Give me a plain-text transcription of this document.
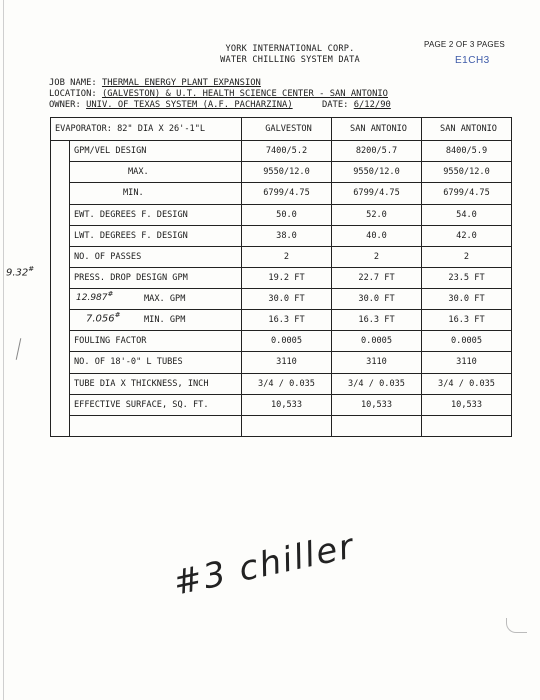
YORK INTERNATIONAL CORP.
WATER CHILLING SYSTEM DATA
PAGE 2 OF 3 PAGES
E1CH3
JOB NAME: THERMAL ENERGY PLANT EXPANSION
LOCATION: (GALVESTON) & U.T. HEALTH SCIENCE CENTER - SAN ANTONIO
OWNER: UNIV. OF TEXAS SYSTEM (A.F. PACHARZINA)	DATE: 6/12/90
EVAPORATOR: 82" DIA X 26'-1"L		GALVESTON	SAN ANTONIO	SAN ANTONIO
	GPM/VEL DESIGN	7400/5.2	8200/5.7	8400/5.9
	MAX.	9550/12.0	9550/12.0	9550/12.0
	MIN.	6799/4.75	6799/4.75	6799/4.75
	EWT. DEGREES F. DESIGN	50.0	52.0	54.0
	LWT. DEGREES F. DESIGN	38.0	40.0	42.0
	NO. OF PASSES	2	2	2
	PRESS. DROP DESIGN GPM	19.2 FT	22.7 FT	23.5 FT
	MAX. GPM	30.0 FT	30.0 FT	30.0 FT
	MIN. GPM	16.3 FT	16.3 FT	16.3 FT
	FOULING FACTOR	0.0005	0.0005	0.0005
	NO. OF 18'-0" L TUBES	3110	3110	3110
	TUBE DIA X THICKNESS, INCH	3/4 / 0.035	3/4 / 0.035	3/4 / 0.035
	EFFECTIVE SURFACE, SQ. FT.	10,533	10,533	10,533

9.32#
12.987#
7.056#
#3 chiller
